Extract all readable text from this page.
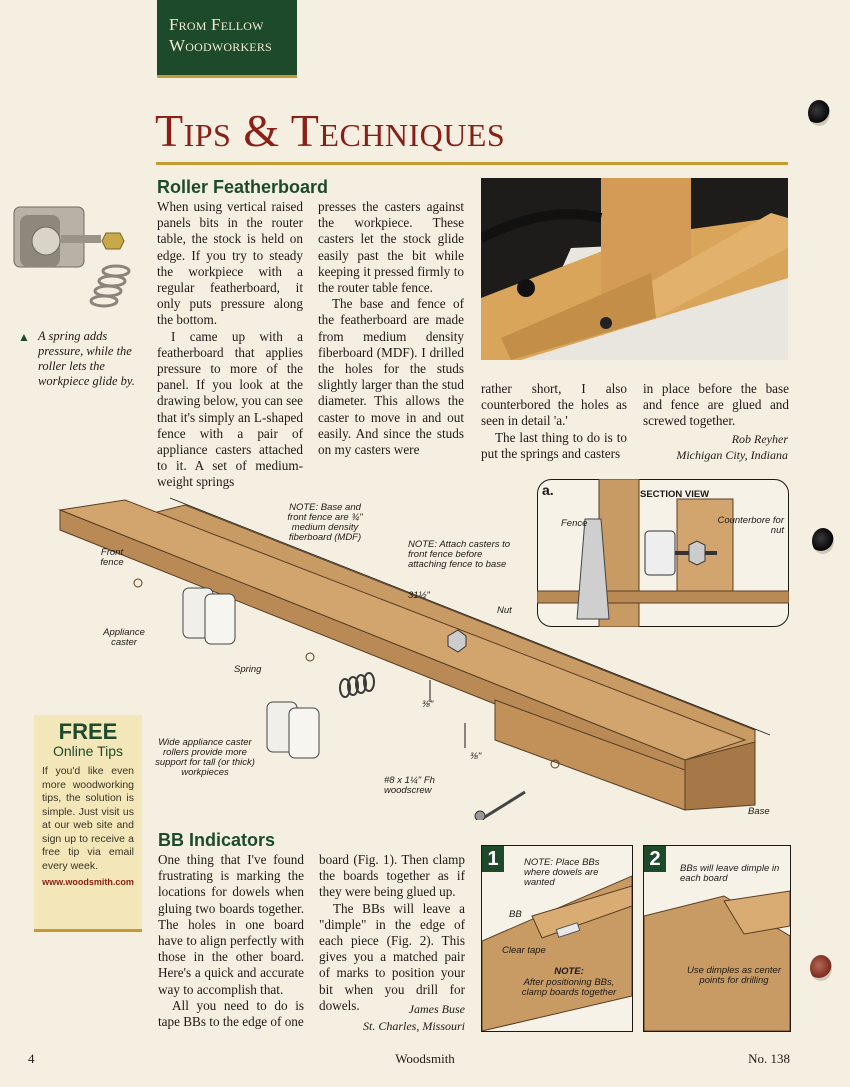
From Fellow
Woodworkers
Tips & Techniques
▲ A spring adds pressure, while the roller lets the workpiece glide by.
Roller Featherboard

When using vertical raised panels bits in the router table, the stock is held on edge. If you try to steady the workpiece with a regular featherboard, it only puts pressure along the bottom.

I came up with a featherboard that applies pressure to more of the panel. If you look at the drawing below, you can see that it's simply an L-shaped fence with a pair of appliance casters attached to it. A set of medium-weight springs

presses the casters against the workpiece. These casters let the stock glide easily past the bit while keeping it pressed firmly to the router table fence.

The base and fence of the featherboard are made from medium density fiberboard (MDF). I drilled the holes for the studs slightly larger than the stud diameter. This allows the caster to move in and out easily. And since the studs on my casters were

rather short, I also counterbored the holes as seen in detail 'a.'

The last thing to do is to put the springs and casters

in place before the base and fence are glued and screwed together.

Rob Reyher
Michigan City, Indiana
a.	SECTION VIEW
Fence	Counterbore for nut
NOTE: Base and front fence are ¾" medium density fiberboard (MDF)
NOTE: Attach casters to front fence before attaching fence to base
Front fence
Appliance caster
Spring
Wide appliance caster rollers provide more support for tall (or thick) workpieces
31½"
Nut
⅜"
⅜"
#8 x 1¼" Fh woodscrew
Base
FREE
Online Tips
If you'd like even more woodworking tips, the solution is simple. Just visit us at our web site and sign up to receive a free tip via email every week.
www.woodsmith.com
BB Indicators

One thing that I've found frustrating is marking the locations for dowels when gluing two boards together. The holes in one board have to align perfectly with those in the other board. Here's a quick and accurate way to accomplish that.

All you need to do is tape BBs to the edge of one

board (Fig. 1). Then clamp the boards together as if they were being glued up.

The BBs will leave a "dimple" in the edge of each piece (Fig. 2). This gives you a matched pair of marks to position your bit when you drill for dowels.	James Buse
St. Charles, Missouri
1	NOTE: Place BBs where dowels are wanted
BB
Clear tape
NOTE:
After positioning BBs, clamp boards together
2	BBs will leave dimple in each board
Use dimples as center points for drilling
4	Woodsmith	No. 138
